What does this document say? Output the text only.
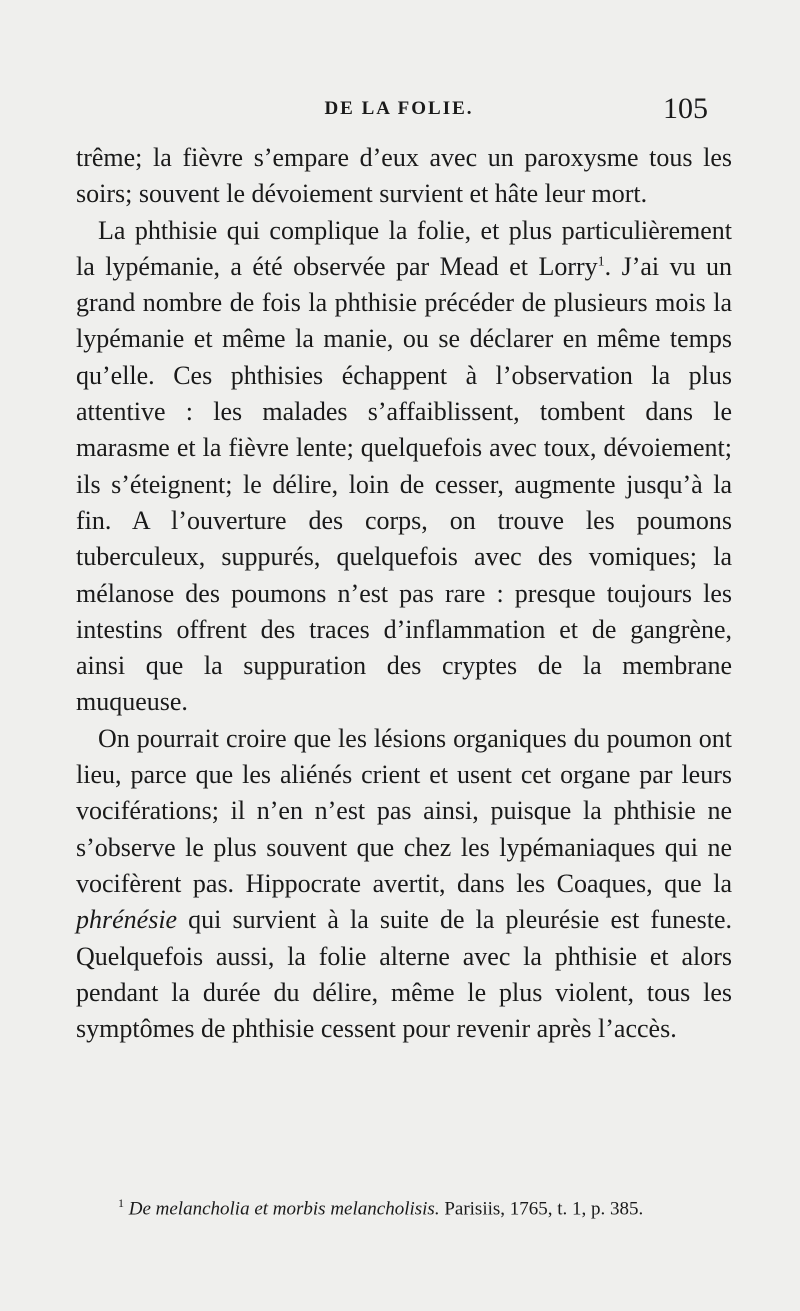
DE LA FOLIE.	105

trême; la fièvre s’empare d’eux avec un paroxysme tous les soirs; souvent le dévoiement survient et hâte leur mort.

La phthisie qui complique la folie, et plus particulièrement la lypémanie, a été observée par Mead et Lorry$^1$. J’ai vu un grand nombre de fois la phthisie précéder de plusieurs mois la lypémanie et même la manie, ou se déclarer en même temps qu’elle. Ces phthisies échappent à l’observation la plus attentive : les malades s’affaiblissent, tombent dans le marasme et la fièvre lente; quelquefois avec toux, dévoiement; ils s’éteignent; le délire, loin de cesser, augmente jusqu’à la fin. A l’ouverture des corps, on trouve les poumons tuberculeux, suppurés, quelquefois avec des vomiques; la mélanose des poumons n’est pas rare : presque toujours les intestins offrent des traces d’inflammation et de gangrène, ainsi que la suppuration des cryptes de la membrane muqueuse.

On pourrait croire que les lésions organiques du poumon ont lieu, parce que les aliénés crient et usent cet organe par leurs vociférations; il n’en n’est pas ainsi, puisque la phthisie ne s’observe le plus souvent que chez les lypémaniaques qui ne vocifèrent pas. Hippocrate avertit, dans les Coaques, que la phrénésie qui survient à la suite de la pleurésie est funeste. Quelquefois aussi, la folie alterne avec la phthisie et alors pendant la durée du délire, même le plus violent, tous les symptômes de phthisie cessent pour revenir après l’accès.

$^1$ De melancholia et morbis melancholisis. Parisiis, 1765, t. 1, p. 385.
